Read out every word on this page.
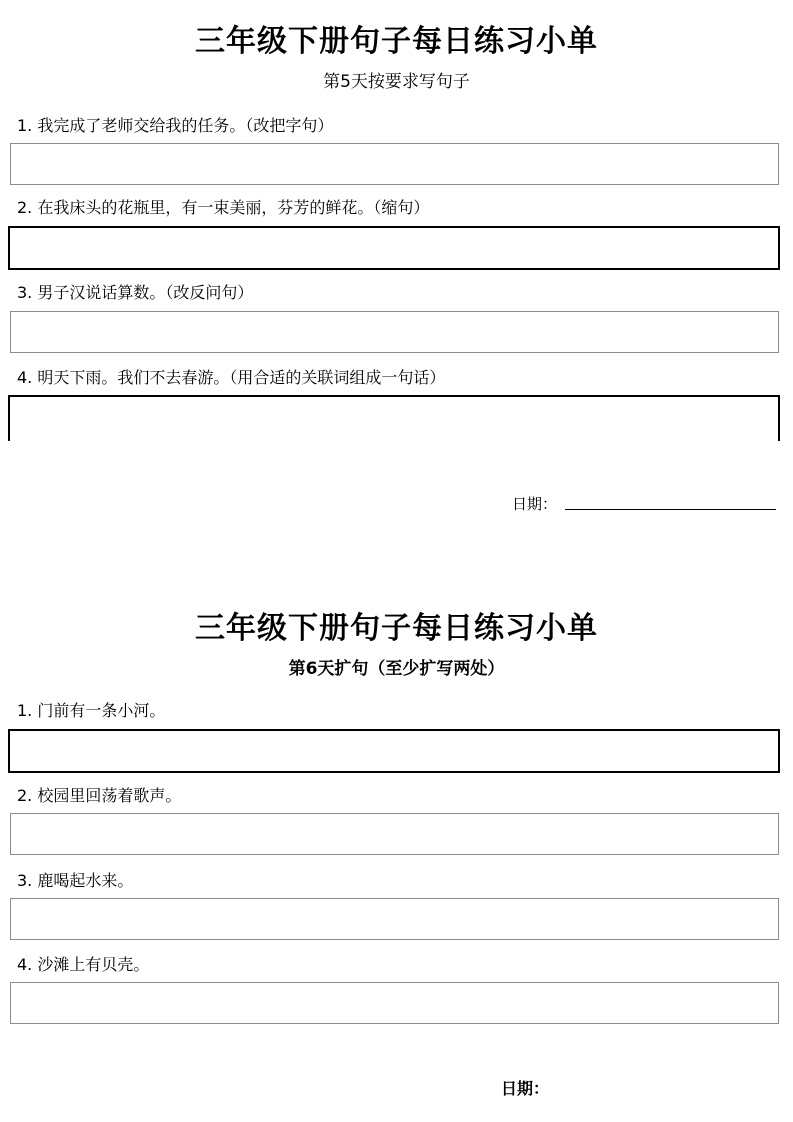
三年级下册句子每日练习小单
第5天按要求写句子
1. 我完成了老师交给我的任务。（改把字句）
2. 在我床头的花瓶里，有一束美丽，芬芳的鲜花。（缩句）
3. 男子汉说话算数。（改反问句）
4. 明天下雨。我们不去春游。（用合适的关联词组成一句话）
日期：
三年级下册句子每日练习小单
第6天扩句（至少扩写两处）
1. 门前有一条小河。
2. 校园里回荡着歌声。
3. 鹿喝起水来。
4. 沙滩上有贝壳。
日期：
